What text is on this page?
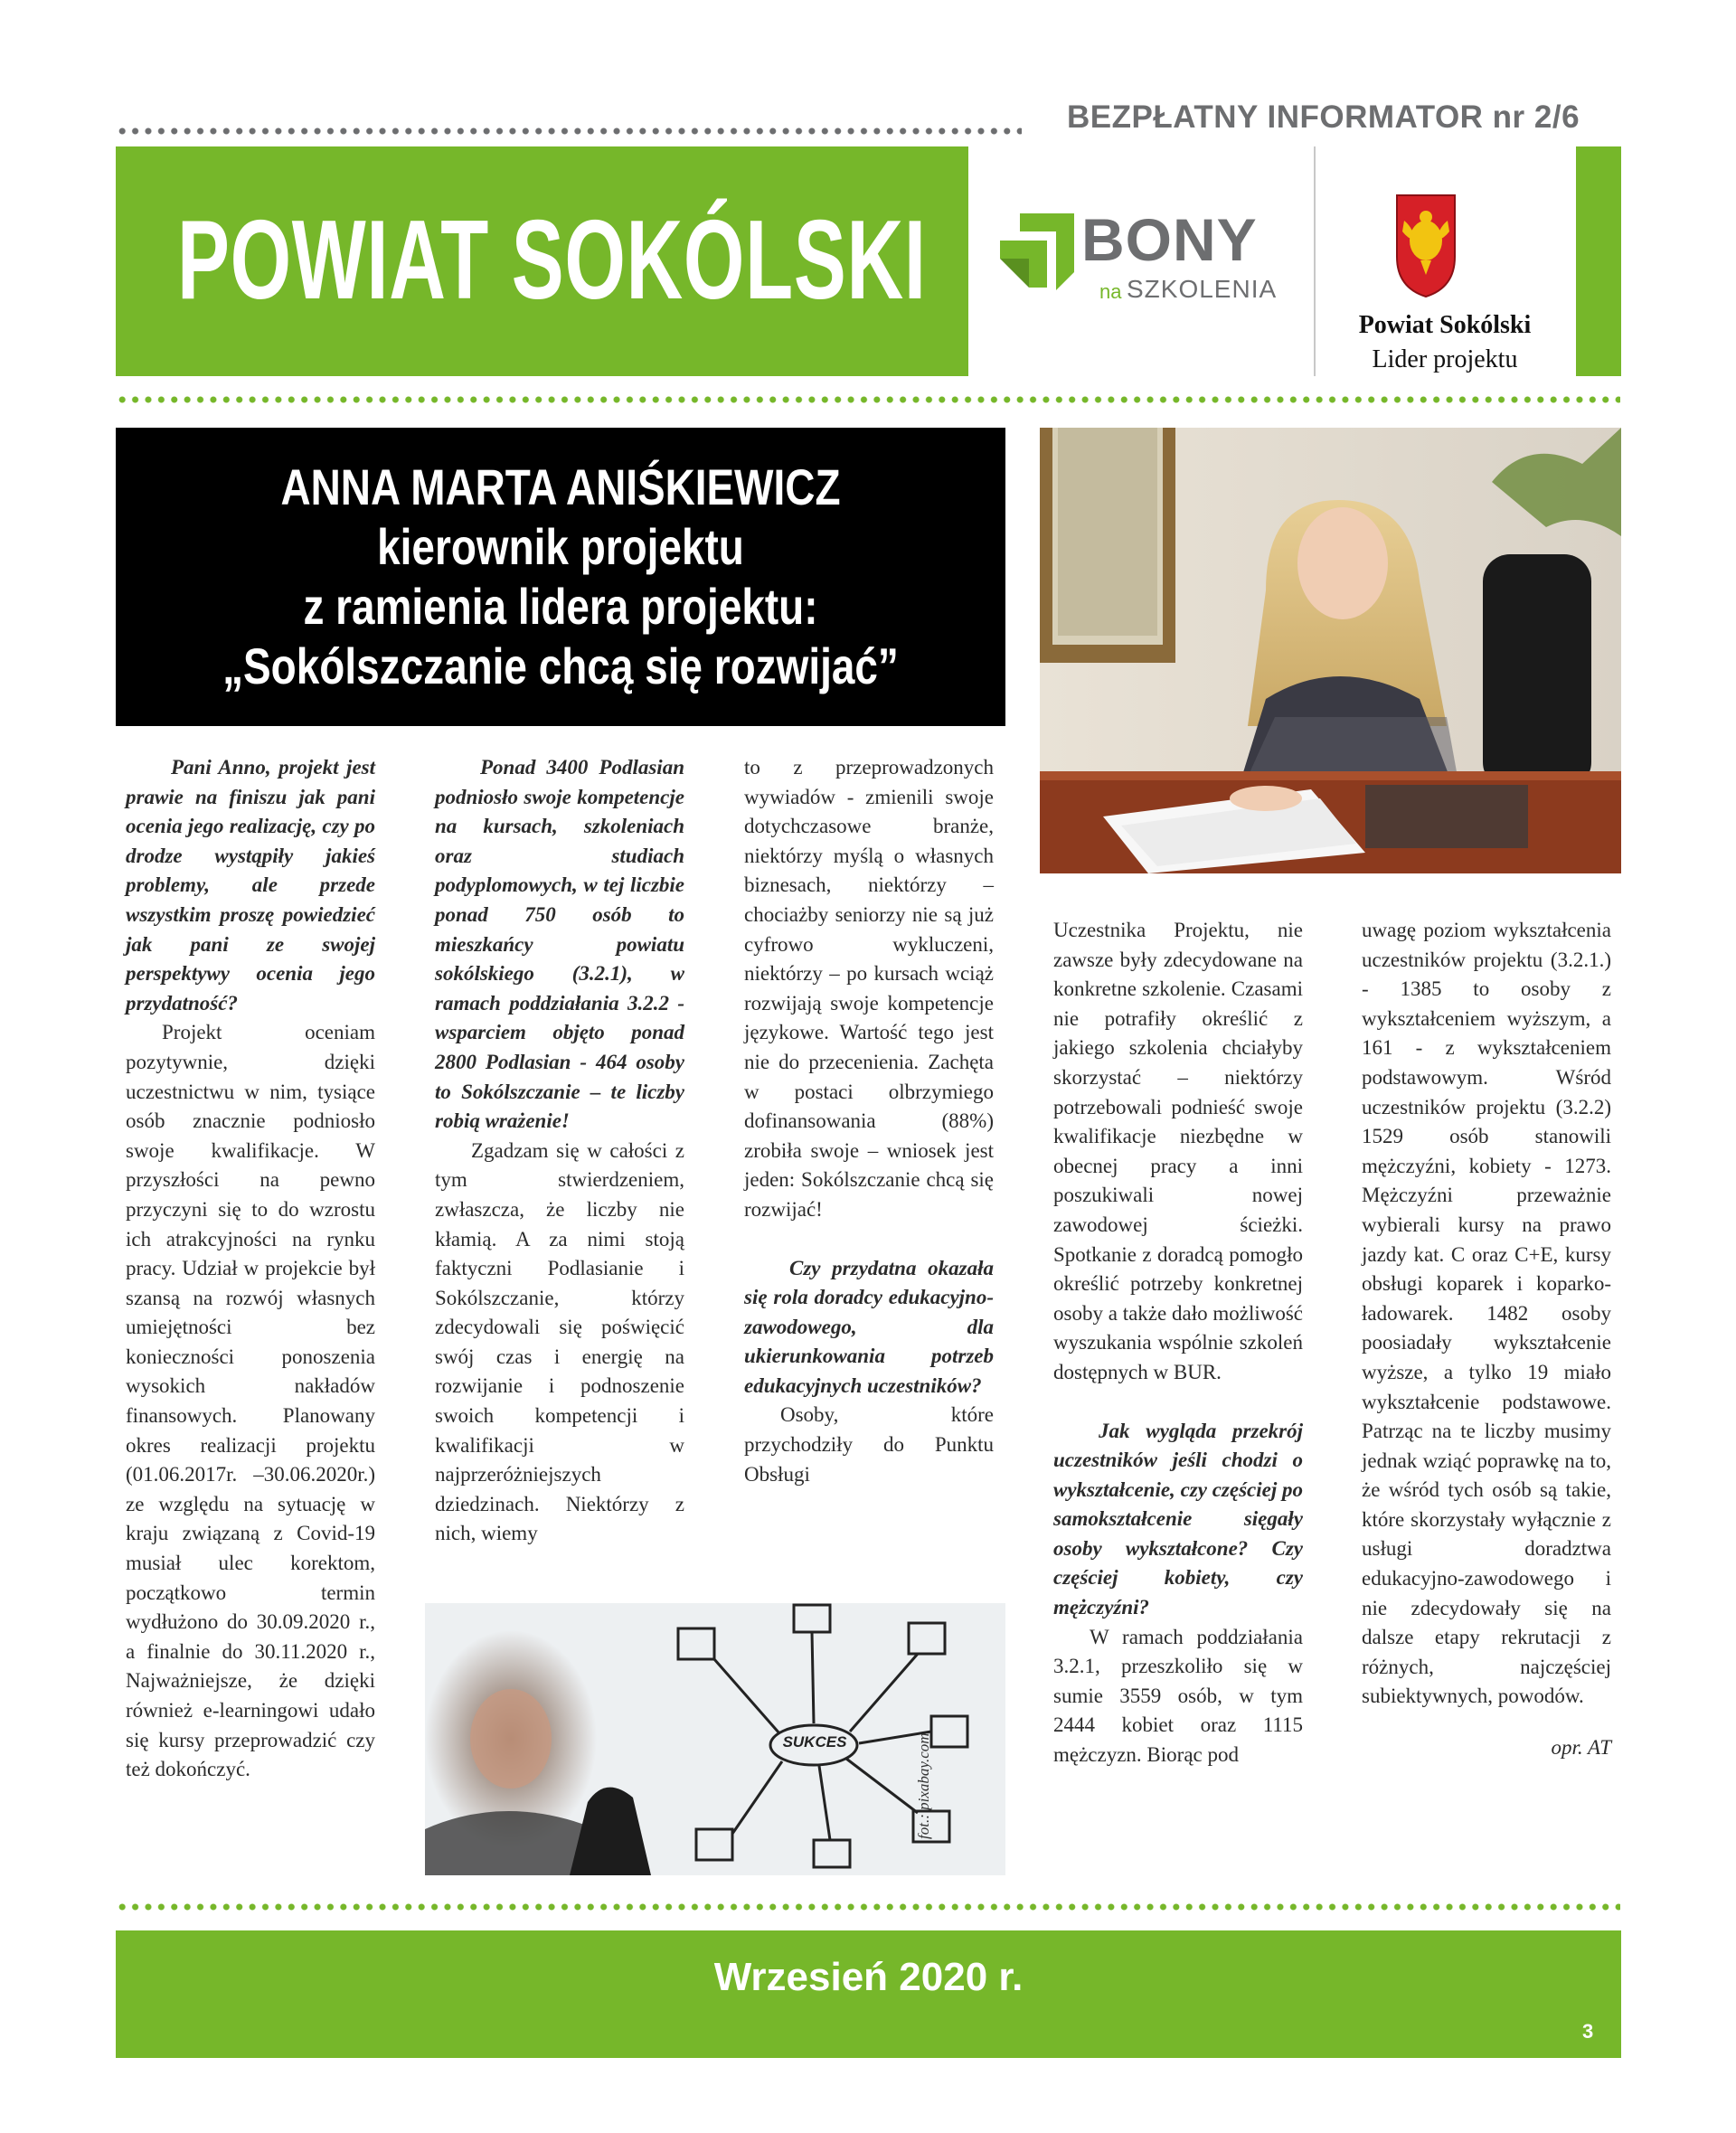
BEZPŁATNY INFORMATOR nr 2/6
POWIAT SOKÓLSKI	BONY
na SZKOLENIA
Powiat Sokólski
Lider projektu
ANNA MARTA ANIŚKIEWICZ
kierownik projektu
z ramienia lidera projektu:
„Sokólszczanie chcą się rozwijać”

Pani Anno, projekt jest prawie na finiszu jak pani ocenia jego realizację, czy po drodze wystąpiły jakieś problemy, ale przede wszystkim proszę powiedzieć jak pani ze swojej perspektywy ocenia jego przydatność?

Projekt oceniam pozytywnie, dzięki uczestnictwu w nim, tysiące osób znacznie podniosło swoje kwalifikacje. W przyszłości na pewno przyczyni się to do wzrostu ich atrakcyjności na rynku pracy. Udział w projekcie był szansą na rozwój własnych umiejętności bez konieczności ponoszenia wysokich nakładów finansowych. Planowany okres realizacji projektu (01.06.2017r. –30.06.2020r.) ze względu na sytuację w kraju związaną z Covid-19 musiał ulec korektom, początkowo termin wydłużono do 30.09.2020 r., a finalnie do 30.11.2020 r., Najważniejsze, że dzięki również e-learningowi udało się kursy przeprowadzić czy też dokończyć.

Ponad 3400 Podlasian podniosło swoje kompetencje na kursach, szkoleniach oraz studiach podyplomowych, w tej liczbie ponad 750 osób to mieszkańcy powiatu sokólskiego (3.2.1), w ramach poddziałania 3.2.2 - wsparciem objęto ponad 2800 Podlasian - 464 osoby to Sokólszczanie – te liczby robią wrażenie!

Zgadzam się w całości z tym stwierdzeniem, zwłaszcza, że liczby nie kłamią. A za nimi stoją faktyczni Podlasianie i Sokólszczanie, którzy zdecydowali się poświęcić swój czas i energię na rozwijanie i podnoszenie swoich kompetencji i kwalifikacji w najprzeróżniejszych dziedzinach. Niektórzy z nich, wiemy

to z przeprowadzonych wywiadów - zmienili swoje dotychczasowe branże, niektórzy myślą o własnych biznesach, niektórzy – chociażby seniorzy nie są już cyfrowo wykluczeni, niektórzy – po kursach wciąż rozwijają swoje kompetencje językowe. Wartość tego jest nie do przecenienia. Zachęta w postaci olbrzymiego dofinansowania (88%) zrobiła swoje – wniosek jest jeden: Sokólszczanie chcą się rozwijać!

Czy przydatna okazała się rola doradcy edukacyjno-zawodowego, dla ukierunkowania potrzeb edukacyjnych uczestników?

Osoby, które przychodziły do Punktu Obsługi

Uczestnika Projektu, nie zawsze były zdecydowane na konkretne szkolenie. Czasami nie potrafiły określić z jakiego szkolenia chciałyby skorzystać – niektórzy potrzebowali podnieść swoje kwalifikacje niezbędne w obecnej pracy a inni poszukiwali nowej zawodowej ścieżki. Spotkanie z doradcą pomogło określić potrzeby konkretnej osoby a także dało możliwość wyszukania wspólnie szkoleń dostępnych w BUR.

Jak wygląda przekrój uczestników jeśli chodzi o wykształcenie, czy częściej po samokształcenie sięgały osoby wykształcone? Czy częściej kobiety, czy mężczyźni?

W ramach poddziałania 3.2.1, przeszkoliło się w sumie 3559 osób, w tym 2444 kobiet oraz 1115 mężczyzn. Biorąc pod

uwagę poziom wykształcenia uczestników projektu (3.2.1.) - 1385 to osoby z wykształceniem wyższym, a 161 - z wykształceniem podstawowym. Wśród uczestników projektu (3.2.2) 1529 osób stanowili mężczyźni, kobiety - 1273. Mężczyźni przeważnie wybierali kursy na prawo jazdy kat. C oraz C+E, kursy obsługi koparek i koparko-ładowarek. 1482 osoby poosiadały wykształcenie wyższe, a tylko 19 miało wykształcenie podstawowe. Patrząc na te liczby musimy jednak wziąć poprawkę na to, że wśród tych osób są takie, które skorzystały wyłącznie z usługi doradztwa edukacyjno-zawodowego i nie zdecydowały się na dalsze etapy rekrutacji z różnych, najczęściej subiektywnych, powodów.

opr. AT

SUKCES	fot.: pixabay.com
Wrzesień 2020 r.
3
